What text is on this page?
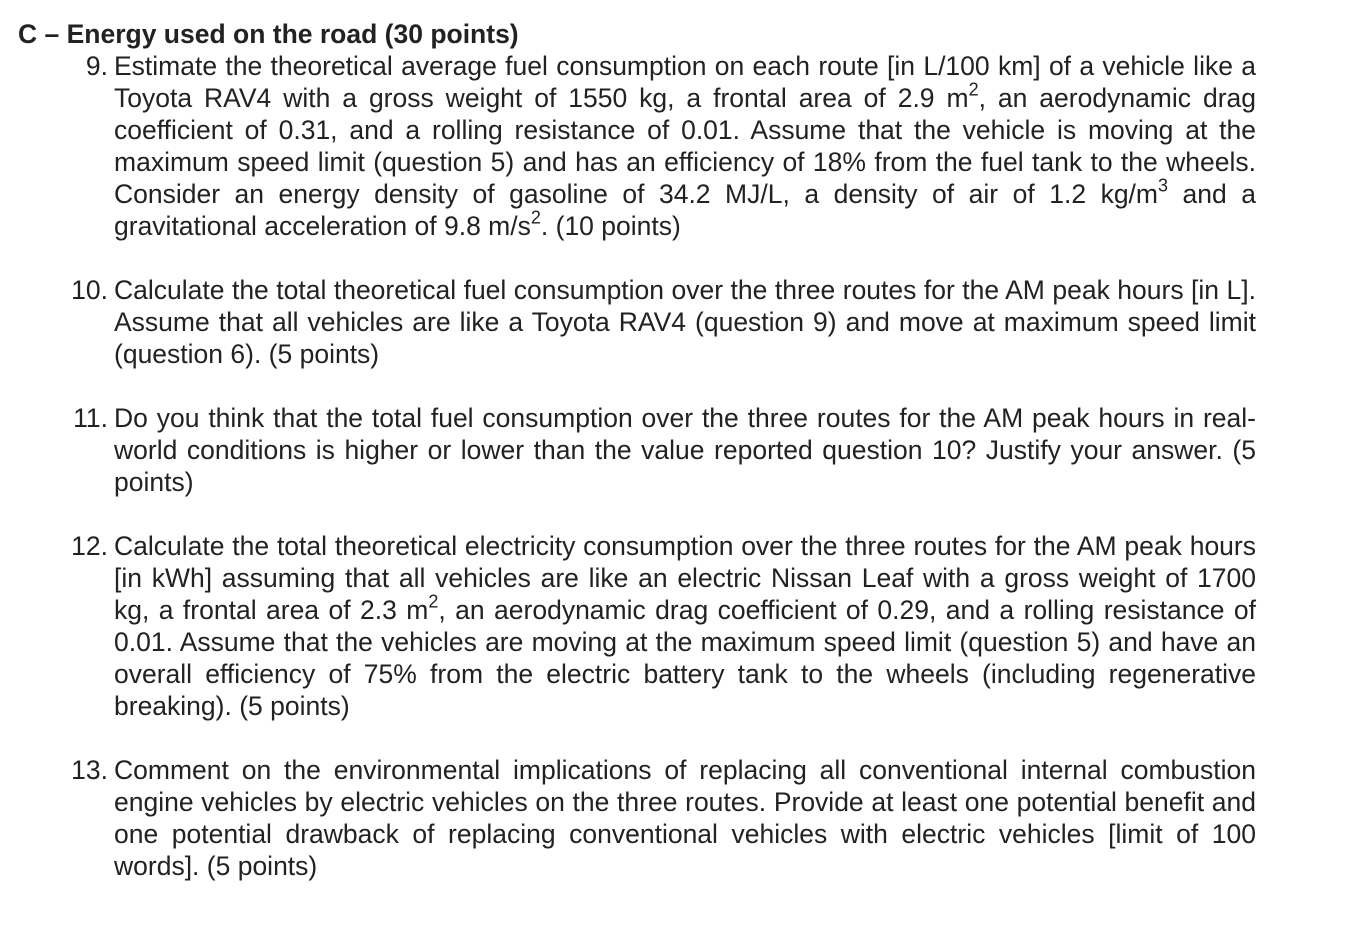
C – Energy used on the road (30 points)
9. Estimate the theoretical average fuel consumption on each route [in L/100 km] of a vehicle like a Toyota RAV4 with a gross weight of 1550 kg, a frontal area of 2.9 $m^2$, an aerodynamic drag coefficient of 0.31, and a rolling resistance of 0.01. Assume that the vehicle is moving at the maximum speed limit (question 5) and has an efficiency of 18% from the fuel tank to the wheels. Consider an energy density of gasoline of 34.2 MJ/L, a density of air of 1.2 $kg/m^3$ and a gravitational acceleration of 9.8 $m/s^2$. (10 points)
10. Calculate the total theoretical fuel consumption over the three routes for the AM peak hours [in L]. Assume that all vehicles are like a Toyota RAV4 (question 9) and move at maximum speed limit (question 6). (5 points)
11. Do you think that the total fuel consumption over the three routes for the AM peak hours in real-world conditions is higher or lower than the value reported question 10? Justify your answer. (5 points)
12. Calculate the total theoretical electricity consumption over the three routes for the AM peak hours [in kWh] assuming that all vehicles are like an electric Nissan Leaf with a gross weight of 1700 kg, a frontal area of 2.3 $m^2$, an aerodynamic drag coefficient of 0.29, and a rolling resistance of 0.01. Assume that the vehicles are moving at the maximum speed limit (question 5) and have an overall efficiency of 75% from the electric battery tank to the wheels (including regenerative breaking). (5 points)
13. Comment on the environmental implications of replacing all conventional internal combustion engine vehicles by electric vehicles on the three routes. Provide at least one potential benefit and one potential drawback of replacing conventional vehicles with electric vehicles [limit of 100 words]. (5 points)
